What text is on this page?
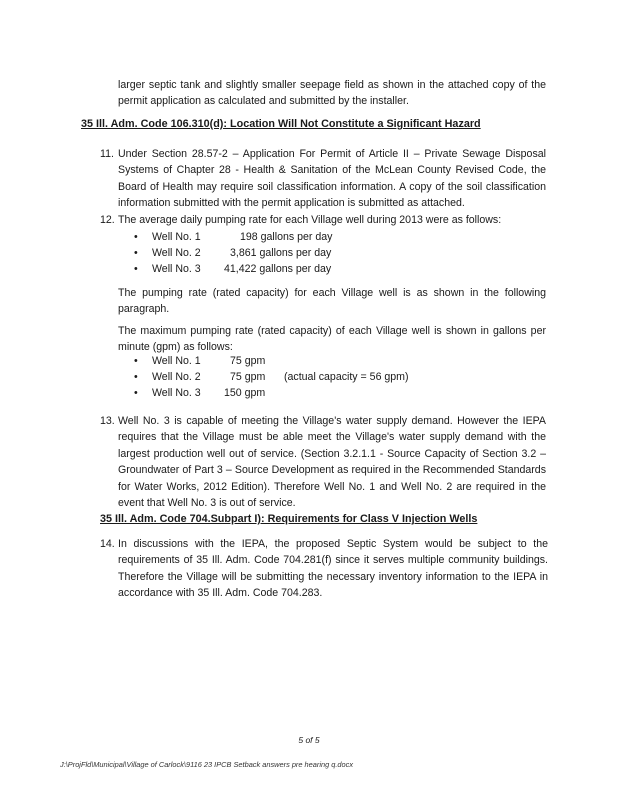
larger septic tank and slightly smaller seepage field as shown in the attached copy of the permit application as calculated and submitted by the installer.

35 Ill. Adm. Code 106.310(d): Location Will Not Constitute a Significant Hazard
11. Under Section 28.57-2 – Application For Permit of Article II – Private Sewage Disposal Systems of Chapter 28 - Health & Sanitation of the McLean County Revised Code, the Board of Health may require soil classification information. A copy of the soil classification information submitted with the permit application is submitted as attached.

12. The average daily pumping rate for each Village well during 2013 were as follows:

• Well No. 1	198 gallons per day
• Well No. 2	3,861 gallons per day
• Well No. 3 41,422 gallons per day

The pumping rate (rated capacity) for each Village well is as shown in the following paragraph.

The maximum pumping rate (rated capacity) of each Village well is shown in gallons per minute (gpm) as follows:

• Well No. 1	75 gpm
• Well No. 2	75 gpm (actual capacity = 56 gpm)
• Well No. 3 150 gpm
13. Well No. 3 is capable of meeting the Village's water supply demand. However the IEPA requires that the Village must be able meet the Village's water supply demand with the largest production well out of service. (Section 3.2.1.1 - Source Capacity of Section 3.2 – Groundwater of Part 3 – Source Development as required in the Recommended Standards for Water Works, 2012 Edition). Therefore Well No. 1 and Well No. 2 are required in the event that Well No. 3 is out of service.

35 Ill. Adm. Code 704.Subpart I): Requirements for Class V Injection Wells
14. In discussions with the IEPA, the proposed Septic System would be subject to the requirements of 35 Ill. Adm. Code 704.281(f) since it serves multiple community buildings. Therefore the Village will be submitting the necessary inventory information to the IEPA in accordance with 35 Ill. Adm. Code 704.283.

5 of 5
J:\ProjFld\Municipal\Village of Carlock\9116 23 IPCB Setback answers pre hearing q.docx
